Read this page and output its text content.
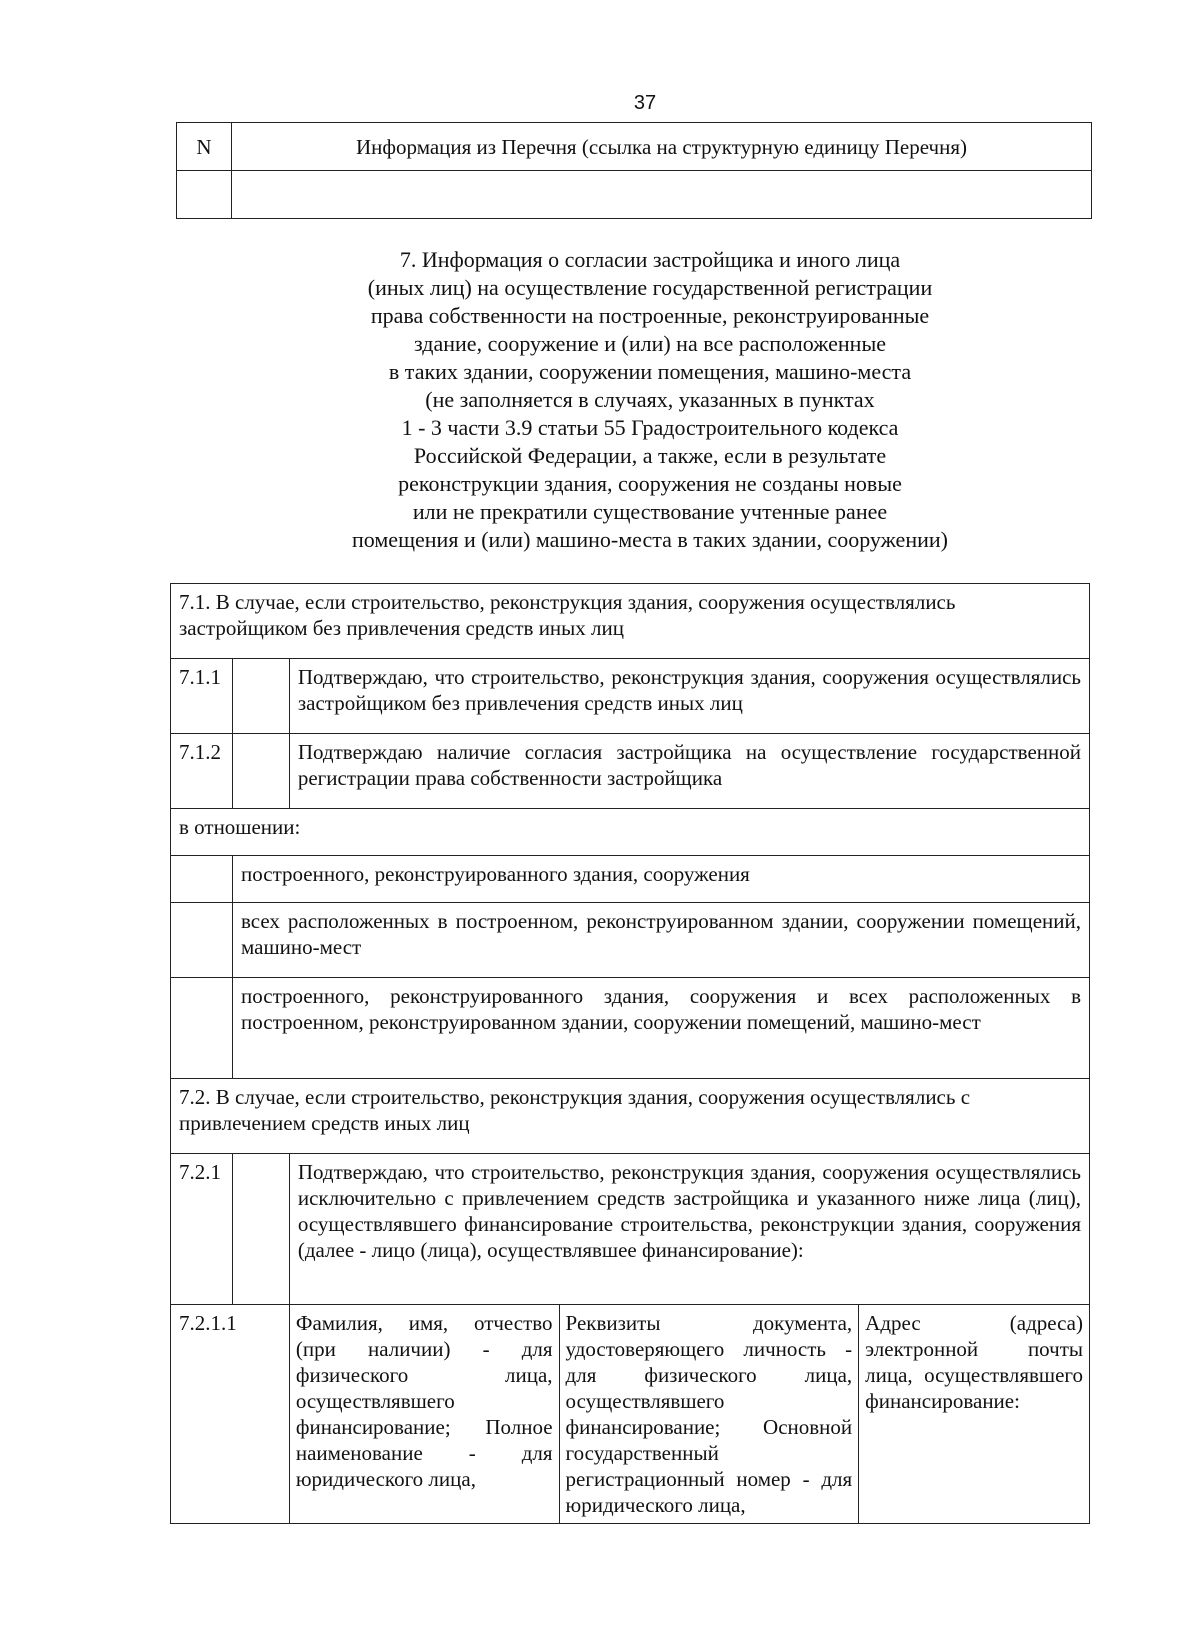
37
N	Информация из Перечня (ссылка на структурную единицу Перечня)

7. Информация о согласии застройщика и иного лица
(иных лиц) на осуществление государственной регистрации
права собственности на построенные, реконструированные
здание, сооружение и (или) на все расположенные
в таких здании, сооружении помещения, машино-места
(не заполняется в случаях, указанных в пунктах
1 - 3 части 3.9 статьи 55 Градостроительного кодекса
Российской Федерации, а также, если в результате
реконструкции здания, сооружения не созданы новые
или не прекратили существование учтенные ранее
помещения и (или) машино-места в таких здании, сооружении)
7.1. В случае, если строительство, реконструкция здания, сооружения осуществлялись застройщиком без привлечения средств иных лиц				
7.1.1		Подтверждаю, что строительство, реконструкция здания, сооружения осуществлялись застройщиком без привлечения средств иных лиц		
7.1.2		Подтверждаю наличие согласия застройщика на осуществление государственной регистрации права собственности застройщика		
в отношении:				
	построенного, реконструированного здания, сооружения			
	всех расположенных в построенном, реконструированном здании, сооружении помещений, машино-мест			
	построенного, реконструированного здания, сооружения и всех расположенных в построенном, реконструированном здании, сооружении помещений, машино-мест			
7.2. В случае, если строительство, реконструкция здания, сооружения осуществлялись с привлечением средств иных лиц				
7.2.1		Подтверждаю, что строительство, реконструкция здания, сооружения осуществлялись исключительно с привлечением средств застройщика и указанного ниже лица (лиц), осуществлявшего финансирование строительства, реконструкции здания, сооружения (далее - лицо (лица), осуществлявшее финансирование):		
7.2.1.1		Фамилия, имя, отчество (при наличии) - для физического лица, осуществлявшего финансирование; Полное наименование - для юридического лица,	Реквизиты документа, удостоверяющего личность - для физического лица, осуществлявшего финансирование; Основной государственный регистрационный номер - для юридического лица,	Адрес (адреса) электронной почты лица, осуществлявшего финансирование:
